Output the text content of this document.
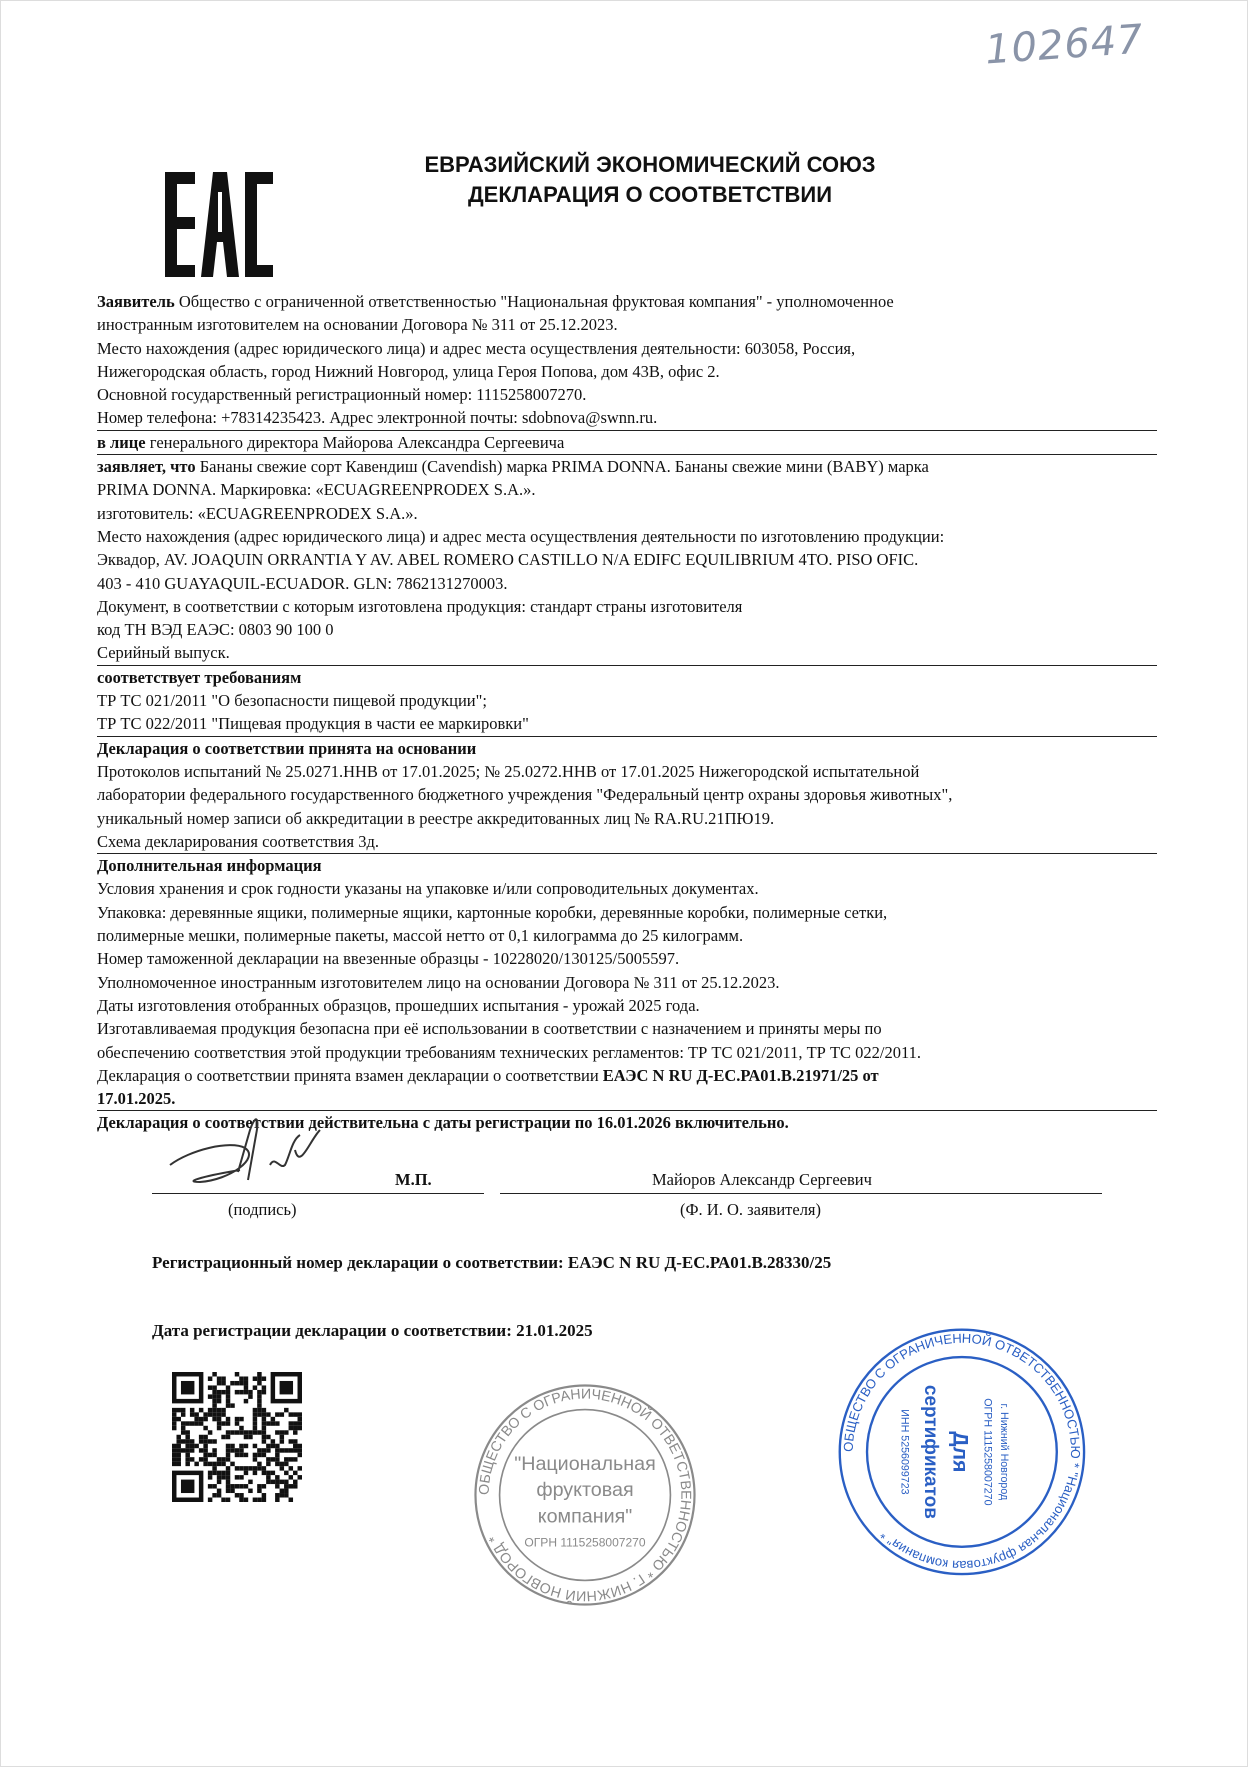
102647
ЕВРАЗИЙСКИЙ ЭКОНОМИЧЕСКИЙ СОЮЗ
ДЕКЛАРАЦИЯ О СООТВЕТСТВИИ

Заявитель Общество с ограниченной ответственностью "Национальная фруктовая компания" - уполномоченное

иностранным изготовителем на основании Договора № 311 от 25.12.2023.

Место нахождения (адрес юридического лица) и адрес места осуществления деятельности: 603058, Россия,

Нижегородская область, город Нижний Новгород, улица Героя Попова, дом 43В, офис 2.

Основной государственный регистрационный номер: 1115258007270.

Номер телефона: +78314235423. Адрес электронной почты: sdobnova@swnn.ru.

в лице генерального директора Майорова Александра Сергеевича

заявляет, что Бананы свежие сорт Кавендиш (Cavendish) марка PRIMA DONNA. Бананы свежие мини (BABY) марка

PRIMA DONNA. Маркировка: «ECUAGREENPRODEX S.A.».

изготовитель: «ECUAGREENPRODEX S.A.».

Место нахождения (адрес юридического лица) и адрес места осуществления деятельности по изготовлению продукции:

Эквадор, AV. JOAQUIN ORRANTIA Y AV. ABEL ROMERO CASTILLO N/A EDIFC EQUILIBRIUM 4TO. PISO OFIC.

403 - 410 GUAYAQUIL-ECUADOR. GLN: 7862131270003.

Документ, в соответствии с которым изготовлена продукция: стандарт страны изготовителя

код ТН ВЭД ЕАЭС: 0803 90 100 0

Серийный выпуск.

соответствует требованиям

ТР ТС 021/2011 "О безопасности пищевой продукции";

ТР ТС 022/2011 "Пищевая продукция в части ее маркировки"

Декларация о соответствии принята на основании

Протоколов испытаний № 25.0271.ННВ от 17.01.2025; № 25.0272.ННВ от 17.01.2025 Нижегородской испытательной

лаборатории федерального государственного бюджетного учреждения "Федеральный центр охраны здоровья животных",

уникальный номер записи об аккредитации в реестре аккредитованных лиц № RA.RU.21ПЮ19.

Схема декларирования соответствия 3д.

Дополнительная информация

Условия хранения и срок годности указаны на упаковке и/или сопроводительных документах.

Упаковка: деревянные ящики, полимерные ящики, картонные коробки, деревянные коробки, полимерные сетки,

полимерные мешки, полимерные пакеты, массой нетто от 0,1 килограмма до 25 килограмм.

Номер таможенной декларации на ввезенные образцы - 10228020/130125/5005597.

Уполномоченное иностранным изготовителем лицо на основании Договора № 311 от 25.12.2023.

Даты изготовления отобранных образцов, прошедших испытания - урожай 2025 года.

Изготавливаемая продукция безопасна при её использовании в соответствии с назначением и приняты меры по

обеспечению соответствия этой продукции требованиям технических регламентов: ТР ТС 021/2011, ТР ТС 022/2011.

Декларация о соответствии принята взамен декларации о соответствии ЕАЭС N RU Д-ЕС.РА01.В.21971/25 от

17.01.2025.

Декларация о соответствии действительна с даты регистрации по 16.01.2026 включительно.

(подпись)
М.П.	Майоров Александр Сергеевич
(Ф. И. О. заявителя)
Регистрационный номер декларации о соответствии: ЕАЭС N RU Д-ЕС.РА01.В.28330/25
Дата регистрации декларации о соответствии: 21.01.2025
ОБЩЕСТВО С ОГРАНИЧЕННОЙ ОТВЕТСТВЕННОСТЬЮ * Г. НИЖНИЙ НОВГОРОД *
"Национальная
фруктовая
компания"
ОГРН 1115258007270
ОБЩЕСТВО С ОГРАНИЧЕННОЙ ОТВЕТСТВЕННОСТЬЮ * "Национальная фруктовая компания" *
г. Нижний Новгород
ОГРН 1115258007270
Для
сертификатов
ИНН 5256099723
